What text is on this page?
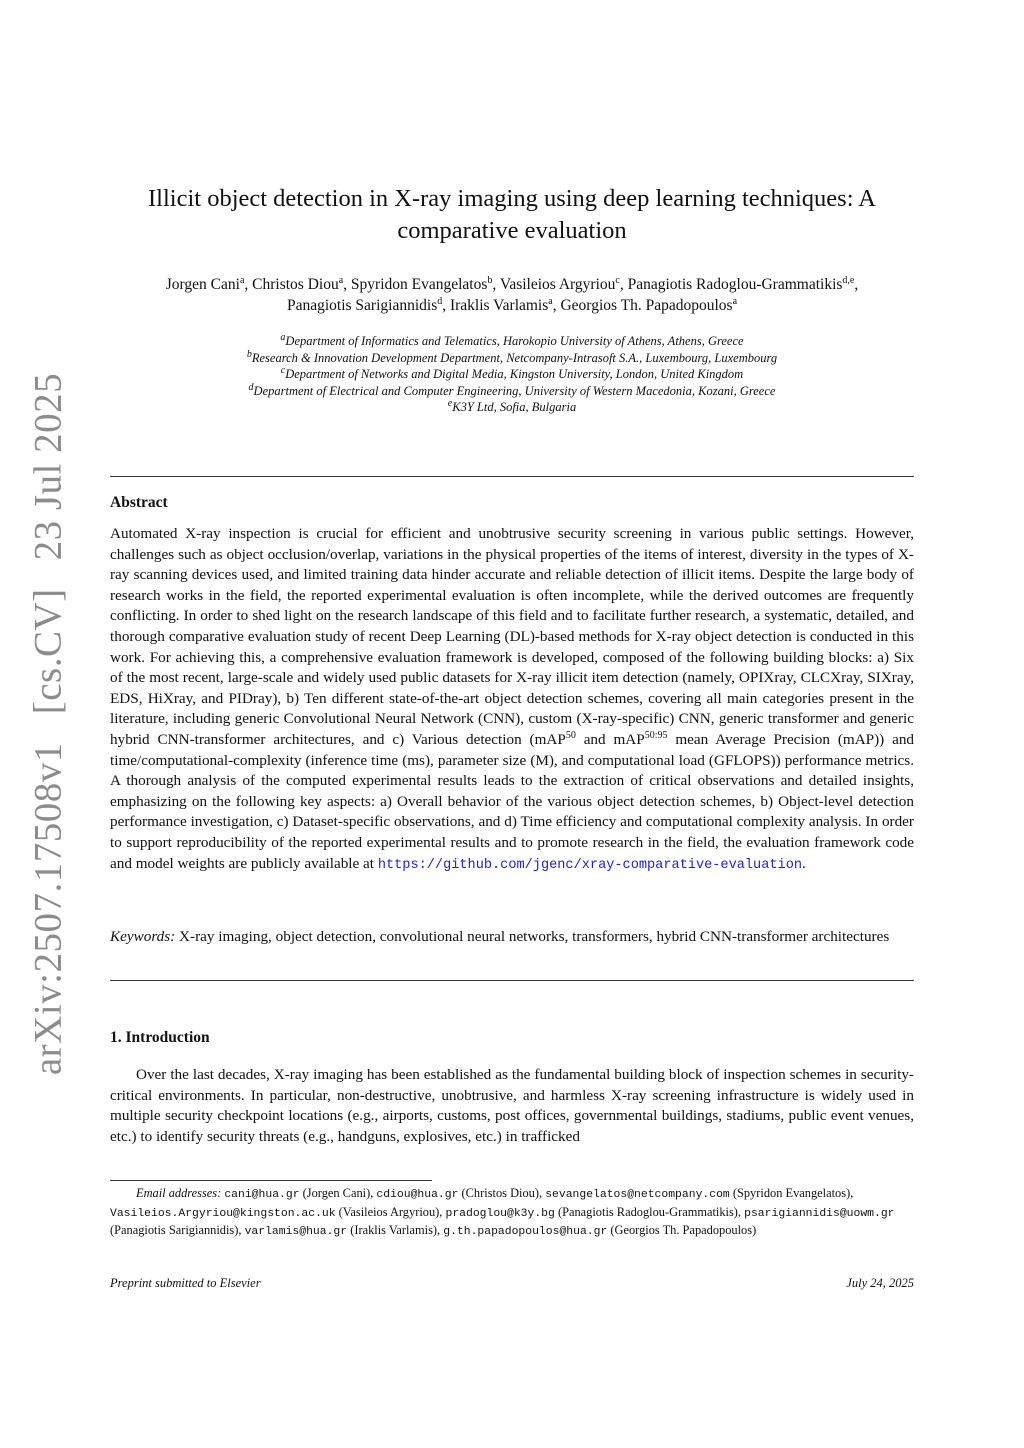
arXiv:2507.17508v1[cs.CV]23 Jul 2025
Illicit object detection in X-ray imaging using deep learning techniques: A
comparative evaluation
Jorgen Cani$^a$, Christos Diou$^a$, Spyridon Evangelatos$^b$, Vasileios Argyriou$^c$, Panagiotis Radoglou-Grammatikis$^{d,e}$,
Panagiotis Sarigiannidis$^d$, Iraklis Varlamis$^a$, Georgios Th. Papadopoulos$^a$
$^a$Department of Informatics and Telematics, Harokopio University of Athens, Athens, Greece
$^b$Research & Innovation Development Department, Netcompany-Intrasoft S.A., Luxembourg, Luxembourg
$^c$Department of Networks and Digital Media, Kingston University, London, United Kingdom
$^d$Department of Electrical and Computer Engineering, University of Western Macedonia, Kozani, Greece
$^e$K3Y Ltd, Sofia, Bulgaria
Abstract
Automated X-ray inspection is crucial for efficient and unobtrusive security screening in various public settings. However, challenges such as object occlusion/overlap, variations in the physical properties of the items of interest, diversity in the types of X-ray scanning devices used, and limited training data hinder accurate and reliable detection of illicit items. Despite the large body of research works in the field, the reported experimental evaluation is often incomplete, while the derived outcomes are frequently conflicting. In order to shed light on the research landscape of this field and to facilitate further research, a systematic, detailed, and thorough comparative evaluation study of recent Deep Learning (DL)-based methods for X-ray object detection is conducted in this work. For achieving this, a comprehensive evaluation framework is developed, composed of the following building blocks: a) Six of the most recent, large-scale and widely used public datasets for X-ray illicit item detection (namely, OPIXray, CLCXray, SIXray, EDS, HiXray, and PIDray), b) Ten different state-of-the-art object detection schemes, covering all main categories present in the literature, including generic Convolutional Neural Network (CNN), custom (X-ray-specific) CNN, generic transformer and generic hybrid CNN-transformer architectures, and c) Various detection (mAP$^{50}$ and mAP$^{50:95}$ mean Average Precision (mAP)) and time/computational-complexity (inference time (ms), parameter size (M), and computational load (GFLOPS)) performance metrics. A thorough analysis of the computed experimental results leads to the extraction of critical observations and detailed insights, emphasizing on the following key aspects: a) Overall behavior of the various object detection schemes, b) Object-level detection performance investigation, c) Dataset-specific observations, and d) Time efficiency and computational complexity analysis. In order to support reproducibility of the reported experimental results and to promote research in the field, the evaluation framework code and model weights are publicly available at https://github.com/jgenc/xray-comparative-evaluation.
Keywords: X-ray imaging, object detection, convolutional neural networks, transformers, hybrid CNN-transformer architectures
1. Introduction
Over the last decades, X-ray imaging has been established as the fundamental building block of inspection schemes in security-critical environments. In particular, non-destructive, unobtrusive, and harmless X-ray screening infrastructure is widely used in multiple security checkpoint locations (e.g., airports, customs, post offices, governmental buildings, stadiums, public event venues, etc.) to identify security threats (e.g., handguns, explosives, etc.) in trafficked
Email addresses: cani@hua.gr (Jorgen Cani), cdiou@hua.gr (Christos Diou), sevangelatos@netcompany.com (Spyridon Evangelatos), Vasileios.Argyriou@kingston.ac.uk (Vasileios Argyriou), pradoglou@k3y.bg (Panagiotis Radoglou-Grammatikis), psarigiannidis@uowm.gr (Panagiotis Sarigiannidis), varlamis@hua.gr (Iraklis Varlamis), g.th.papadopoulos@hua.gr (Georgios Th. Papadopoulos)
Preprint submitted to Elsevier	July 24, 2025
